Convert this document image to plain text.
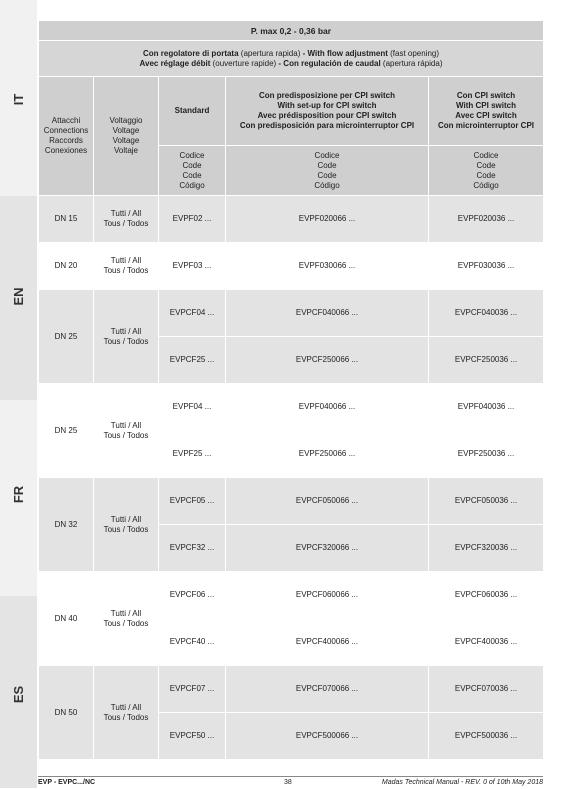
IT
EN
FR
ES
P. max 0,2 - 0,36 bar				

Con regolatore di portata (apertura rapida) - With flow adjustment (fast opening)
Avec réglage débit (ouverture rapide) - Con regulación de caudal (apertura rápida)				

Attacchi
Connections
Raccords
Conexiones	Voltaggio
Voltage
Voltage
Voltaje	Standard	Con predisposizione per CPI switch
With set-up for CPI switch
Avec prédisposition pour CPI switch
Con predisposición para microinterruptor CPI	Con CPI switch
With CPI switch
Avec CPI switch
Con microinterruptor CPI

		Codice
Code
Code
Código	Codice
Code
Code
Código	Codice
Code
Code
Código

DN 15	Tutti / All
Tous / Todos	EVPF02 ...	EVPF020066 ...	EVPF020036 ...
DN 20	Tutti / All
Tous / Todos	EVPF03 ...	EVPF030066 ...	EVPF030036 ...
DN 25	Tutti / All
Tous / Todos	EVPCF04 ...	EVPCF040066 ...	EVPCF040036 ...
		EVPCF25 ...	EVPCF250066 ...	EVPCF250036 ...
DN 25	Tutti / All
Tous / Todos	EVPF04 ...	EVPF040066 ...	EVPF040036 ...
		EVPF25 ...	EVPF250066 ...	EVPF250036 ...
DN 32	Tutti / All
Tous / Todos	EVPCF05 ...	EVPCF050066 ...	EVPCF050036 ...
		EVPCF32 ...	EVPCF320066 ...	EVPCF320036 ...
DN 40	Tutti / All
Tous / Todos	EVPCF06 ...	EVPCF060066 ...	EVPCF060036 ...
		EVPCF40 ...	EVPCF400066 ...	EVPCF400036 ...
DN 50	Tutti / All
Tous / Todos	EVPCF07 ...	EVPCF070066 ...	EVPCF070036 ...
		EVPCF50 ...	EVPCF500066 ...	EVPCF500036 ...
EVP - EVPC.../NC	38	Madas Technical Manual - REV. 0 of 10th May 2018
